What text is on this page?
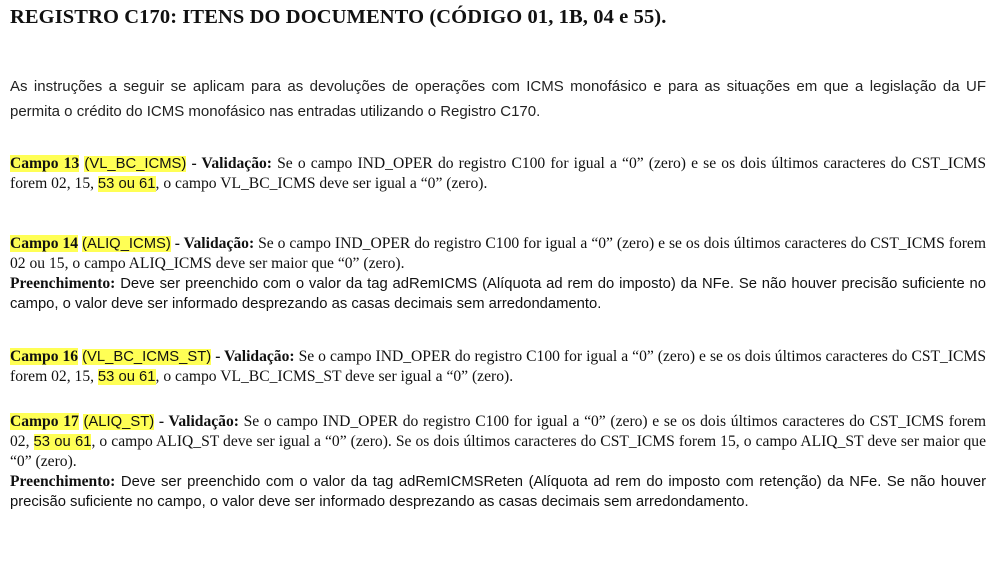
REGISTRO C170: ITENS DO DOCUMENTO (CÓDIGO 01, 1B, 04 e 55).
As instruções a seguir se aplicam para as devoluções de operações com ICMS monofásico e para as situações em que a legislação da UF permita o crédito do ICMS monofásico nas entradas utilizando o Registro C170.
Campo 13 (VL_BC_ICMS) - Validação: Se o campo IND_OPER do registro C100 for igual a “0” (zero) e se os dois últimos caracteres do CST_ICMS forem 02, 15, 53 ou 61, o campo VL_BC_ICMS deve ser igual a “0” (zero).
Campo 14 (ALIQ_ICMS) - Validação: Se o campo IND_OPER do registro C100 for igual a “0” (zero) e se os dois últimos caracteres do CST_ICMS forem 02 ou 15, o campo ALIQ_ICMS deve ser maior que “0” (zero).
Preenchimento: Deve ser preenchido com o valor da tag adRemICMS (Alíquota ad rem do imposto) da NFe. Se não houver precisão suficiente no campo, o valor deve ser informado desprezando as casas decimais sem arredondamento.
Campo 16 (VL_BC_ICMS_ST) - Validação: Se o campo IND_OPER do registro C100 for igual a “0” (zero) e se os dois últimos caracteres do CST_ICMS forem 02, 15, 53 ou 61, o campo VL_BC_ICMS_ST deve ser igual a “0” (zero).
Campo 17 (ALIQ_ST) - Validação: Se o campo IND_OPER do registro C100 for igual a “0” (zero) e se os dois últimos caracteres do CST_ICMS forem 02, 53 ou 61, o campo ALIQ_ST deve ser igual a “0” (zero). Se os dois últimos caracteres do CST_ICMS forem 15, o campo ALIQ_ST deve ser maior que “0” (zero).
Preenchimento: Deve ser preenchido com o valor da tag adRemICMSReten (Alíquota ad rem do imposto com retenção) da NFe. Se não houver precisão suficiente no campo, o valor deve ser informado desprezando as casas decimais sem arredondamento.
